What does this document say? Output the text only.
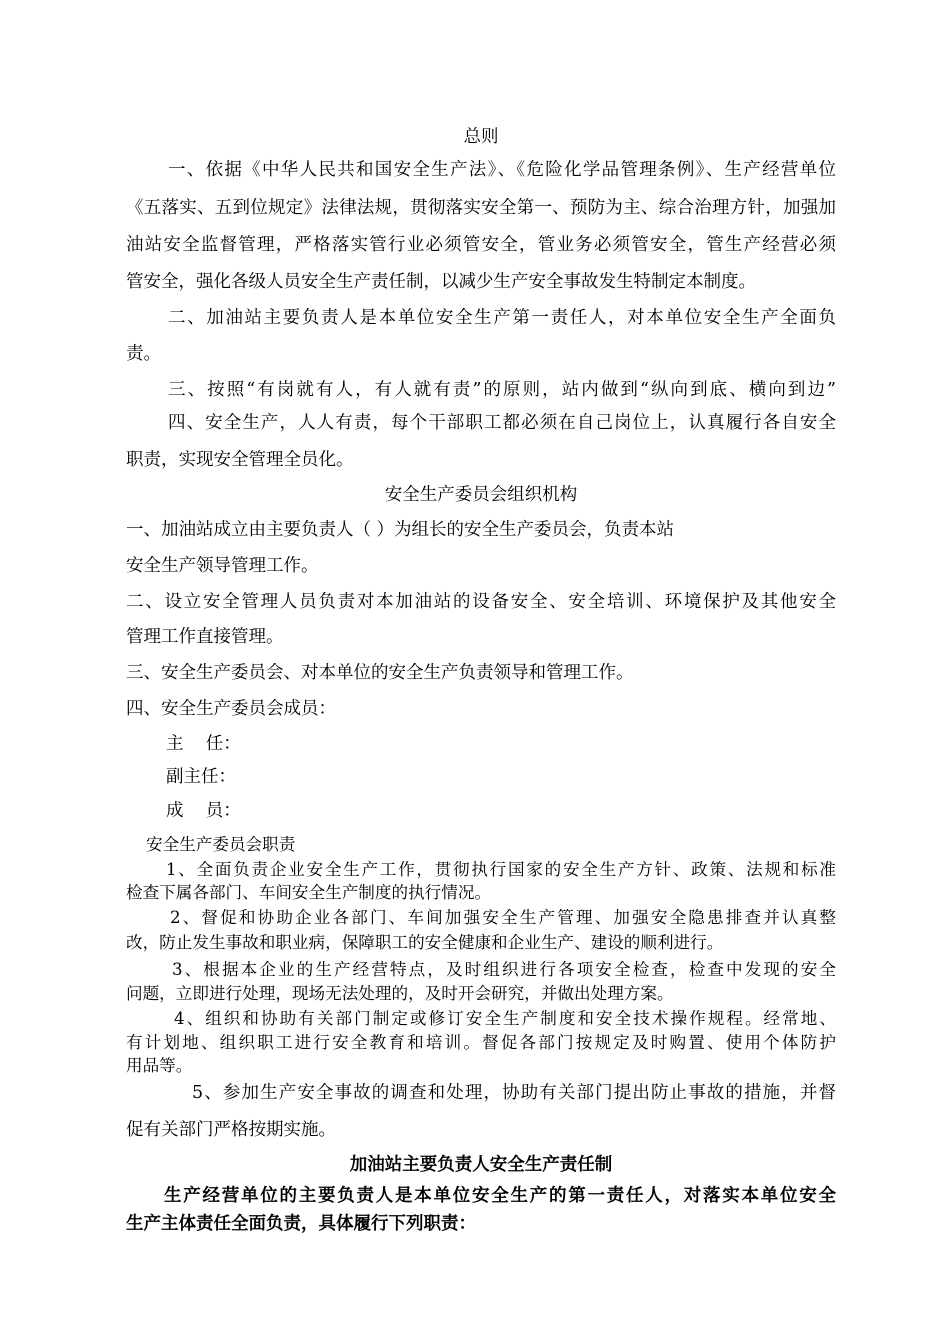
总则
一、依据《中华人民共和国安全生产法》、《危险化学品管理条例》、生产经营单位
《五落实、五到位规定》法律法规，贯彻落实安全第一、预防为主、综合治理方针，加强加
油站安全监督管理，严格落实管行业必须管安全，管业务必须管安全，管生产经营必须
管安全，强化各级人员安全生产责任制，以减少生产安全事故发生特制定本制度。
二、加油站主要负责人是本单位安全生产第一责任人，对本单位安全生产全面负
责。
三、按照“有岗就有人，有人就有责”的原则，站内做到“纵向到底、横向到边”
四、安全生产，人人有责，每个干部职工都必须在自己岗位上，认真履行各自安全
职责，实现安全管理全员化。
安全生产委员会组织机构
一、加油站成立由主要负责人（ ）为组长的安全生产委员会，负责本站
安全生产领导管理工作。
二、设立安全管理人员负责对本加油站的设备安全、安全培训、环境保护及其他安全
管理工作直接管理。
三、安全生产委员会、对本单位的安全生产负责领导和管理工作。
四、安全生产委员会成员：
主    任：
副主任：
成    员：
安全生产委员会职责
1、全面负责企业安全生产工作，贯彻执行国家的安全生产方针、政策、法规和标准
检查下属各部门、车间安全生产制度的执行情况。
2、督促和协助企业各部门、车间加强安全生产管理、加强安全隐患排查并认真整
改，防止发生事故和职业病，保障职工的安全健康和企业生产、建设的顺利进行。
3、根据本企业的生产经营特点，及时组织进行各项安全检查，检查中发现的安全
问题，立即进行处理，现场无法处理的，及时开会研究，并做出处理方案。
4、组织和协助有关部门制定或修订安全生产制度和安全技术操作规程。经常地、
有计划地、组织职工进行安全教育和培训。督促各部门按规定及时购置、使用个体防护
用品等。
5、参加生产安全事故的调查和处理，协助有关部门提出防止事故的措施，并督
促有关部门严格按期实施。
加油站主要负责人安全生产责任制
生产经营单位的主要负责人是本单位安全生产的第一责任人，对落实本单位安全
生产主体责任全面负责，具体履行下列职责：
